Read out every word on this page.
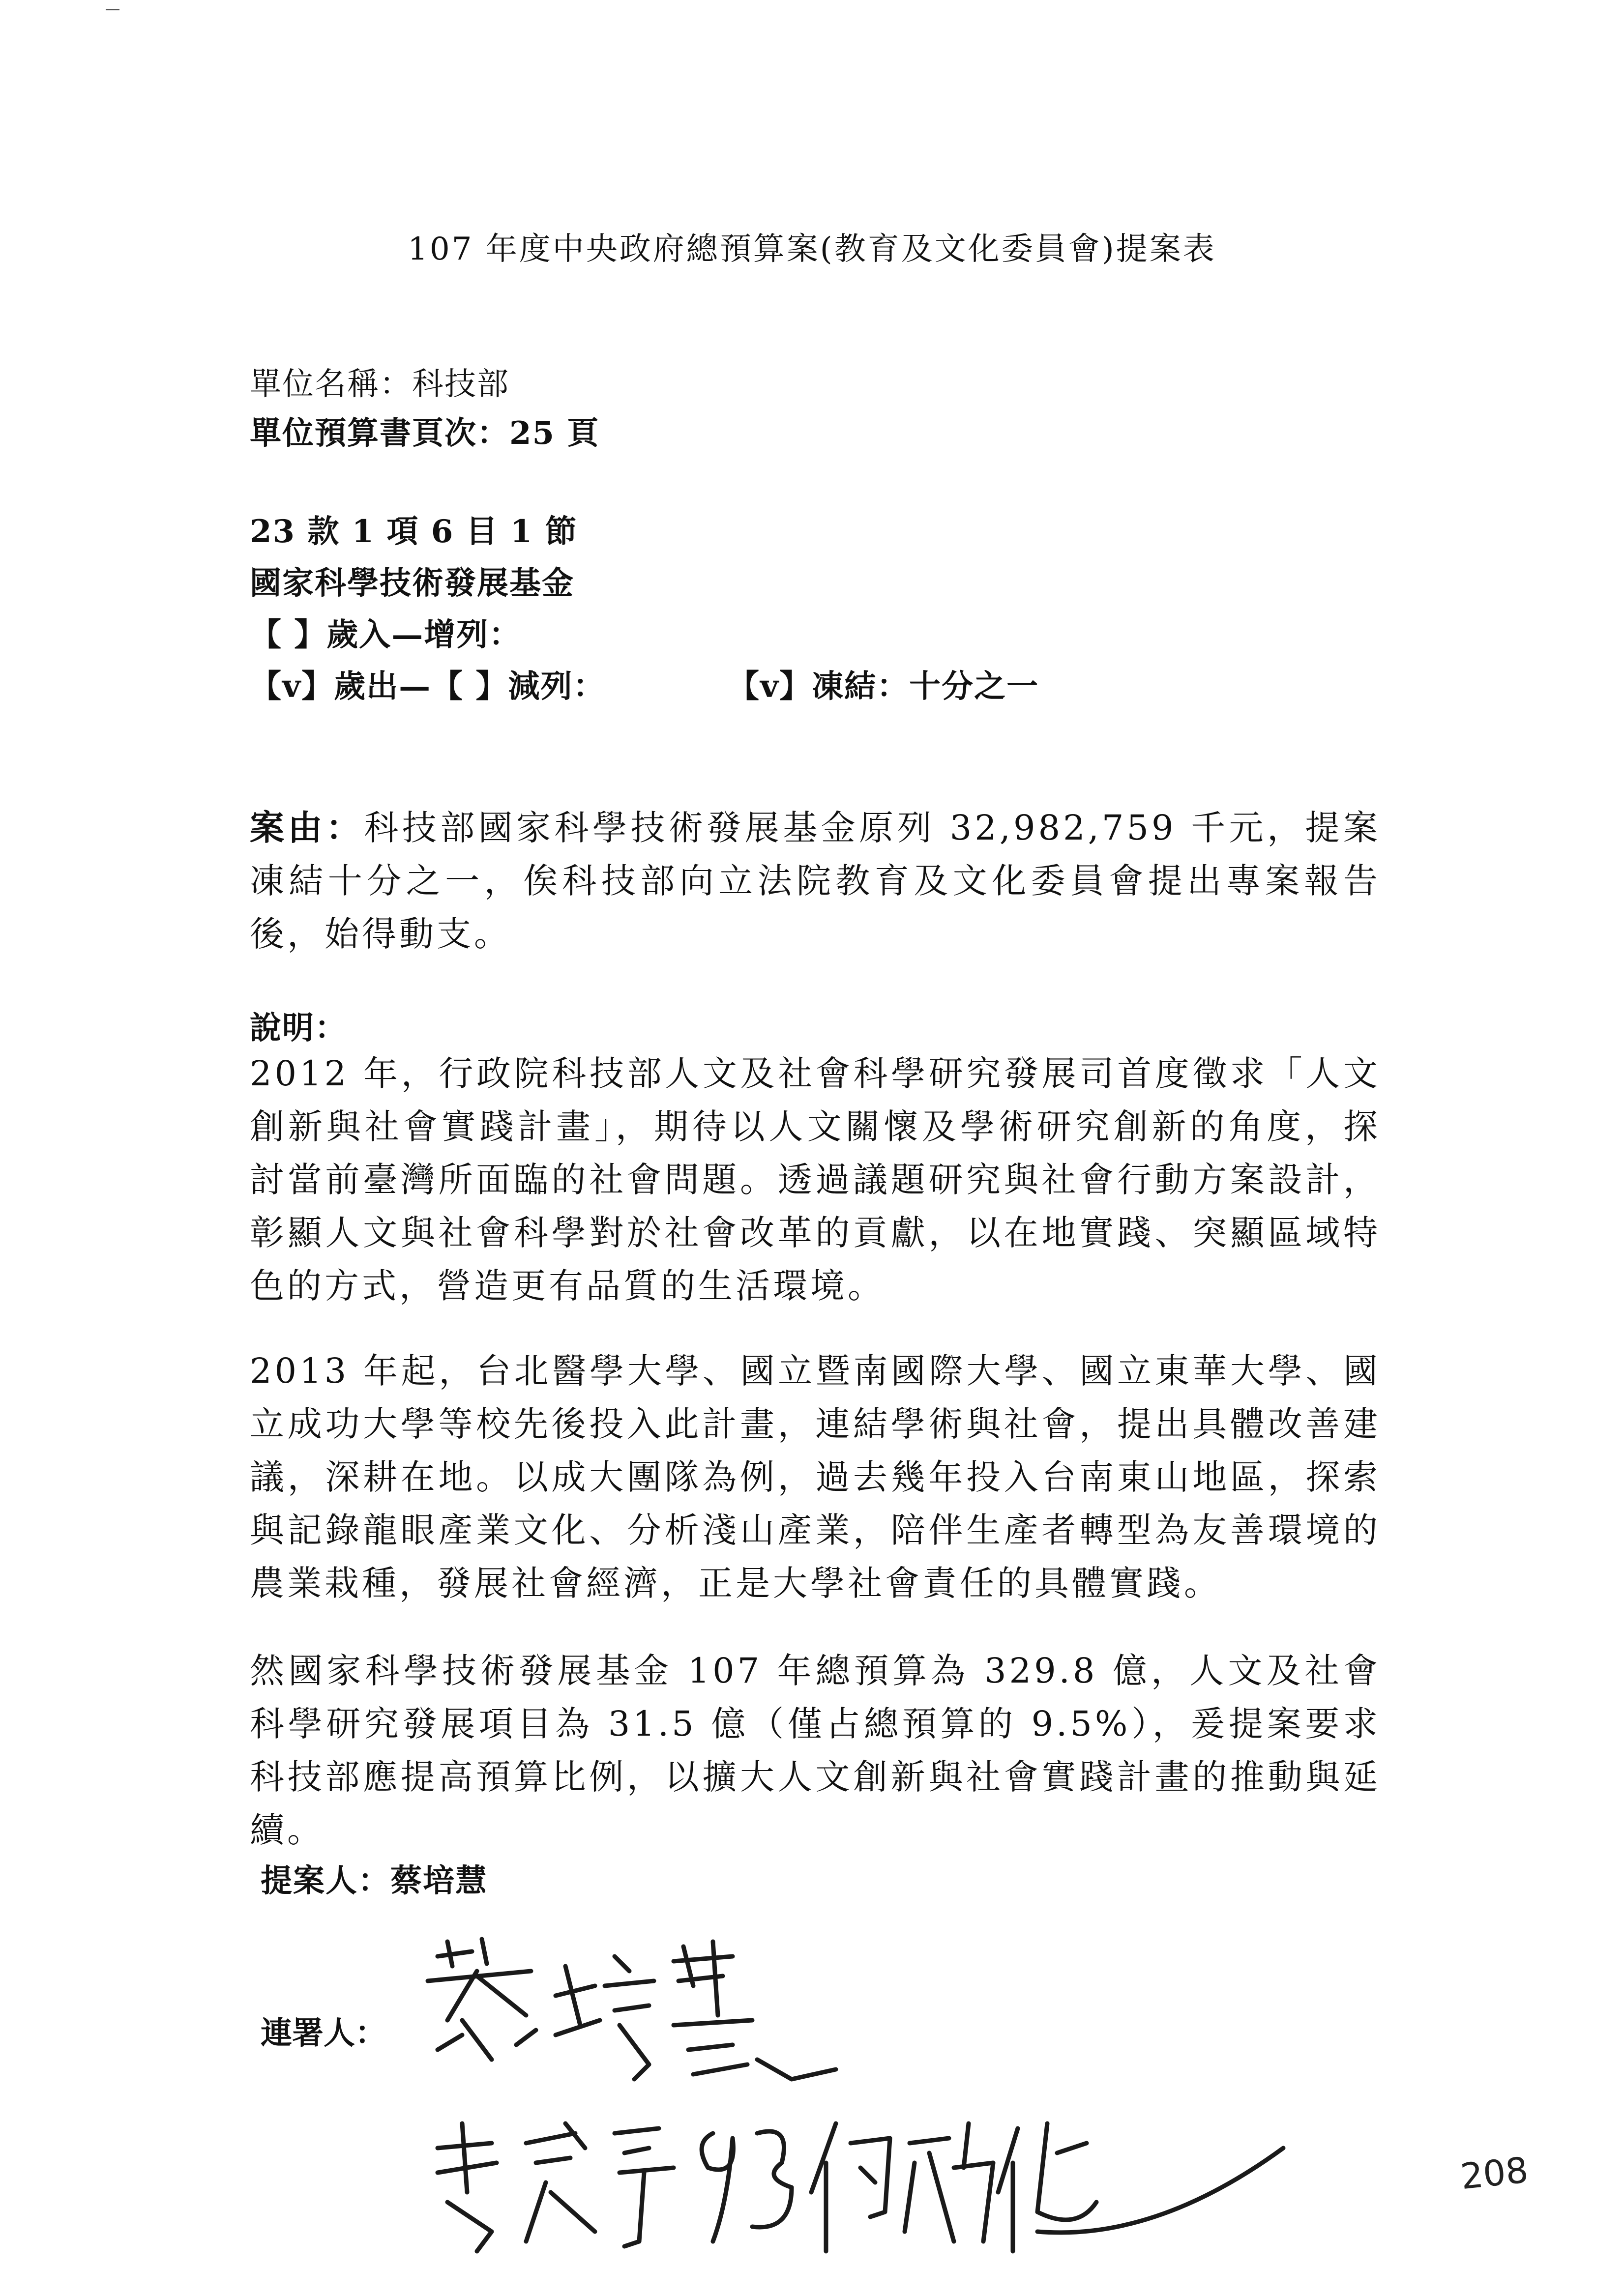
107 年度中央政府總預算案(教育及文化委員會)提案表
單位名稱：科技部
單位預算書頁次：25 頁
23 款 1 項 6 目 1 節
國家科學技術發展基金
【 】歲入—增列：
【v】歲出—【 】減列：	【v】凍結：十分之一
案由：科技部國家科學技術發展基金原列 32,982,759 千元，提案凍結十分之一，俟科技部向立法院教育及文化委員會提出專案報告後，始得動支。
說明：
2012 年，行政院科技部人文及社會科學研究發展司首度徵求「人文創新與社會實踐計畫」，期待以人文關懷及學術研究創新的角度，探討當前臺灣所面臨的社會問題。透過議題研究與社會行動方案設計，彰顯人文與社會科學對於社會改革的貢獻，以在地實踐、突顯區域特色的方式，營造更有品質的生活環境。
2013 年起，台北醫學大學、國立暨南國際大學、國立東華大學、國立成功大學等校先後投入此計畫，連結學術與社會，提出具體改善建議，深耕在地。以成大團隊為例，過去幾年投入台南東山地區，探索與記錄龍眼產業文化、分析淺山產業，陪伴生產者轉型為友善環境的農業栽種，發展社會經濟，正是大學社會責任的具體實踐。
然國家科學技術發展基金 107 年總預算為 329.8 億，人文及社會科學研究發展項目為 31.5 億（僅占總預算的 9.5%），爰提案要求科技部應提高預算比例，以擴大人文創新與社會實踐計畫的推動與延續。
提案人：蔡培慧
連署人：
208
